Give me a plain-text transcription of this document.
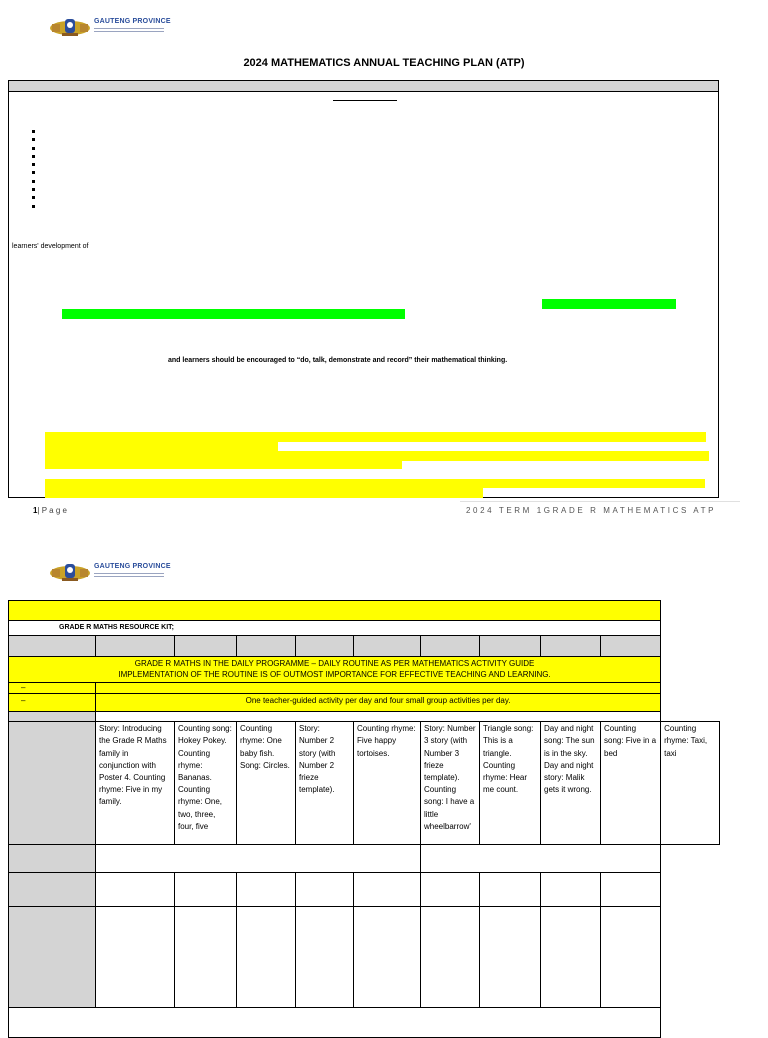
GAUTENG PROVINCE
2024 MATHEMATICS ANNUAL TEACHING PLAN (ATP)
learners' development of
and learners should be encouraged to “do, talk, demonstrate and record” their mathematical thinking.
1| P a g e	2024 TERM 1GRADE R MATHEMATICS ATP
GAUTENG PROVINCE

GRADE R MATHS RESOURCE KIT;										

GRADE R MATHS IN THE DAILY PROGRAMME – DAILY ROUTINE AS PER MATHEMATICS ACTIVITY GUIDE
IMPLEMENTATION OF THE ROUTINE IS OF OUTMOST IMPORTANCE FOR EFFECTIVE TEACHING AND LEARNING.										

–										
–	One teacher-guided activity per day and four small group activities per day.									

	Story: Introducing the Grade R Maths family in conjunction with Poster 4. Counting rhyme: Five in my family.	Counting song: Hokey Pokey. Counting rhyme: Bananas. Counting rhyme: One, two, three, four, five	Counting rhyme: One baby fish. Song: Circles.	Story: Number 2 story (with Number 2 frieze template).	Counting rhyme: Five happy tortoises.	Story: Number 3 story (with Number 3 frieze template). Counting song: I have a little wheelbarrow'	Triangle song: This is a triangle. Counting rhyme: Hear me count.	Day and night song: The sun is in the sky. Day and night story: Malik gets it wrong.	Counting song: Five in a bed	Counting rhyme: Taxi, taxi
